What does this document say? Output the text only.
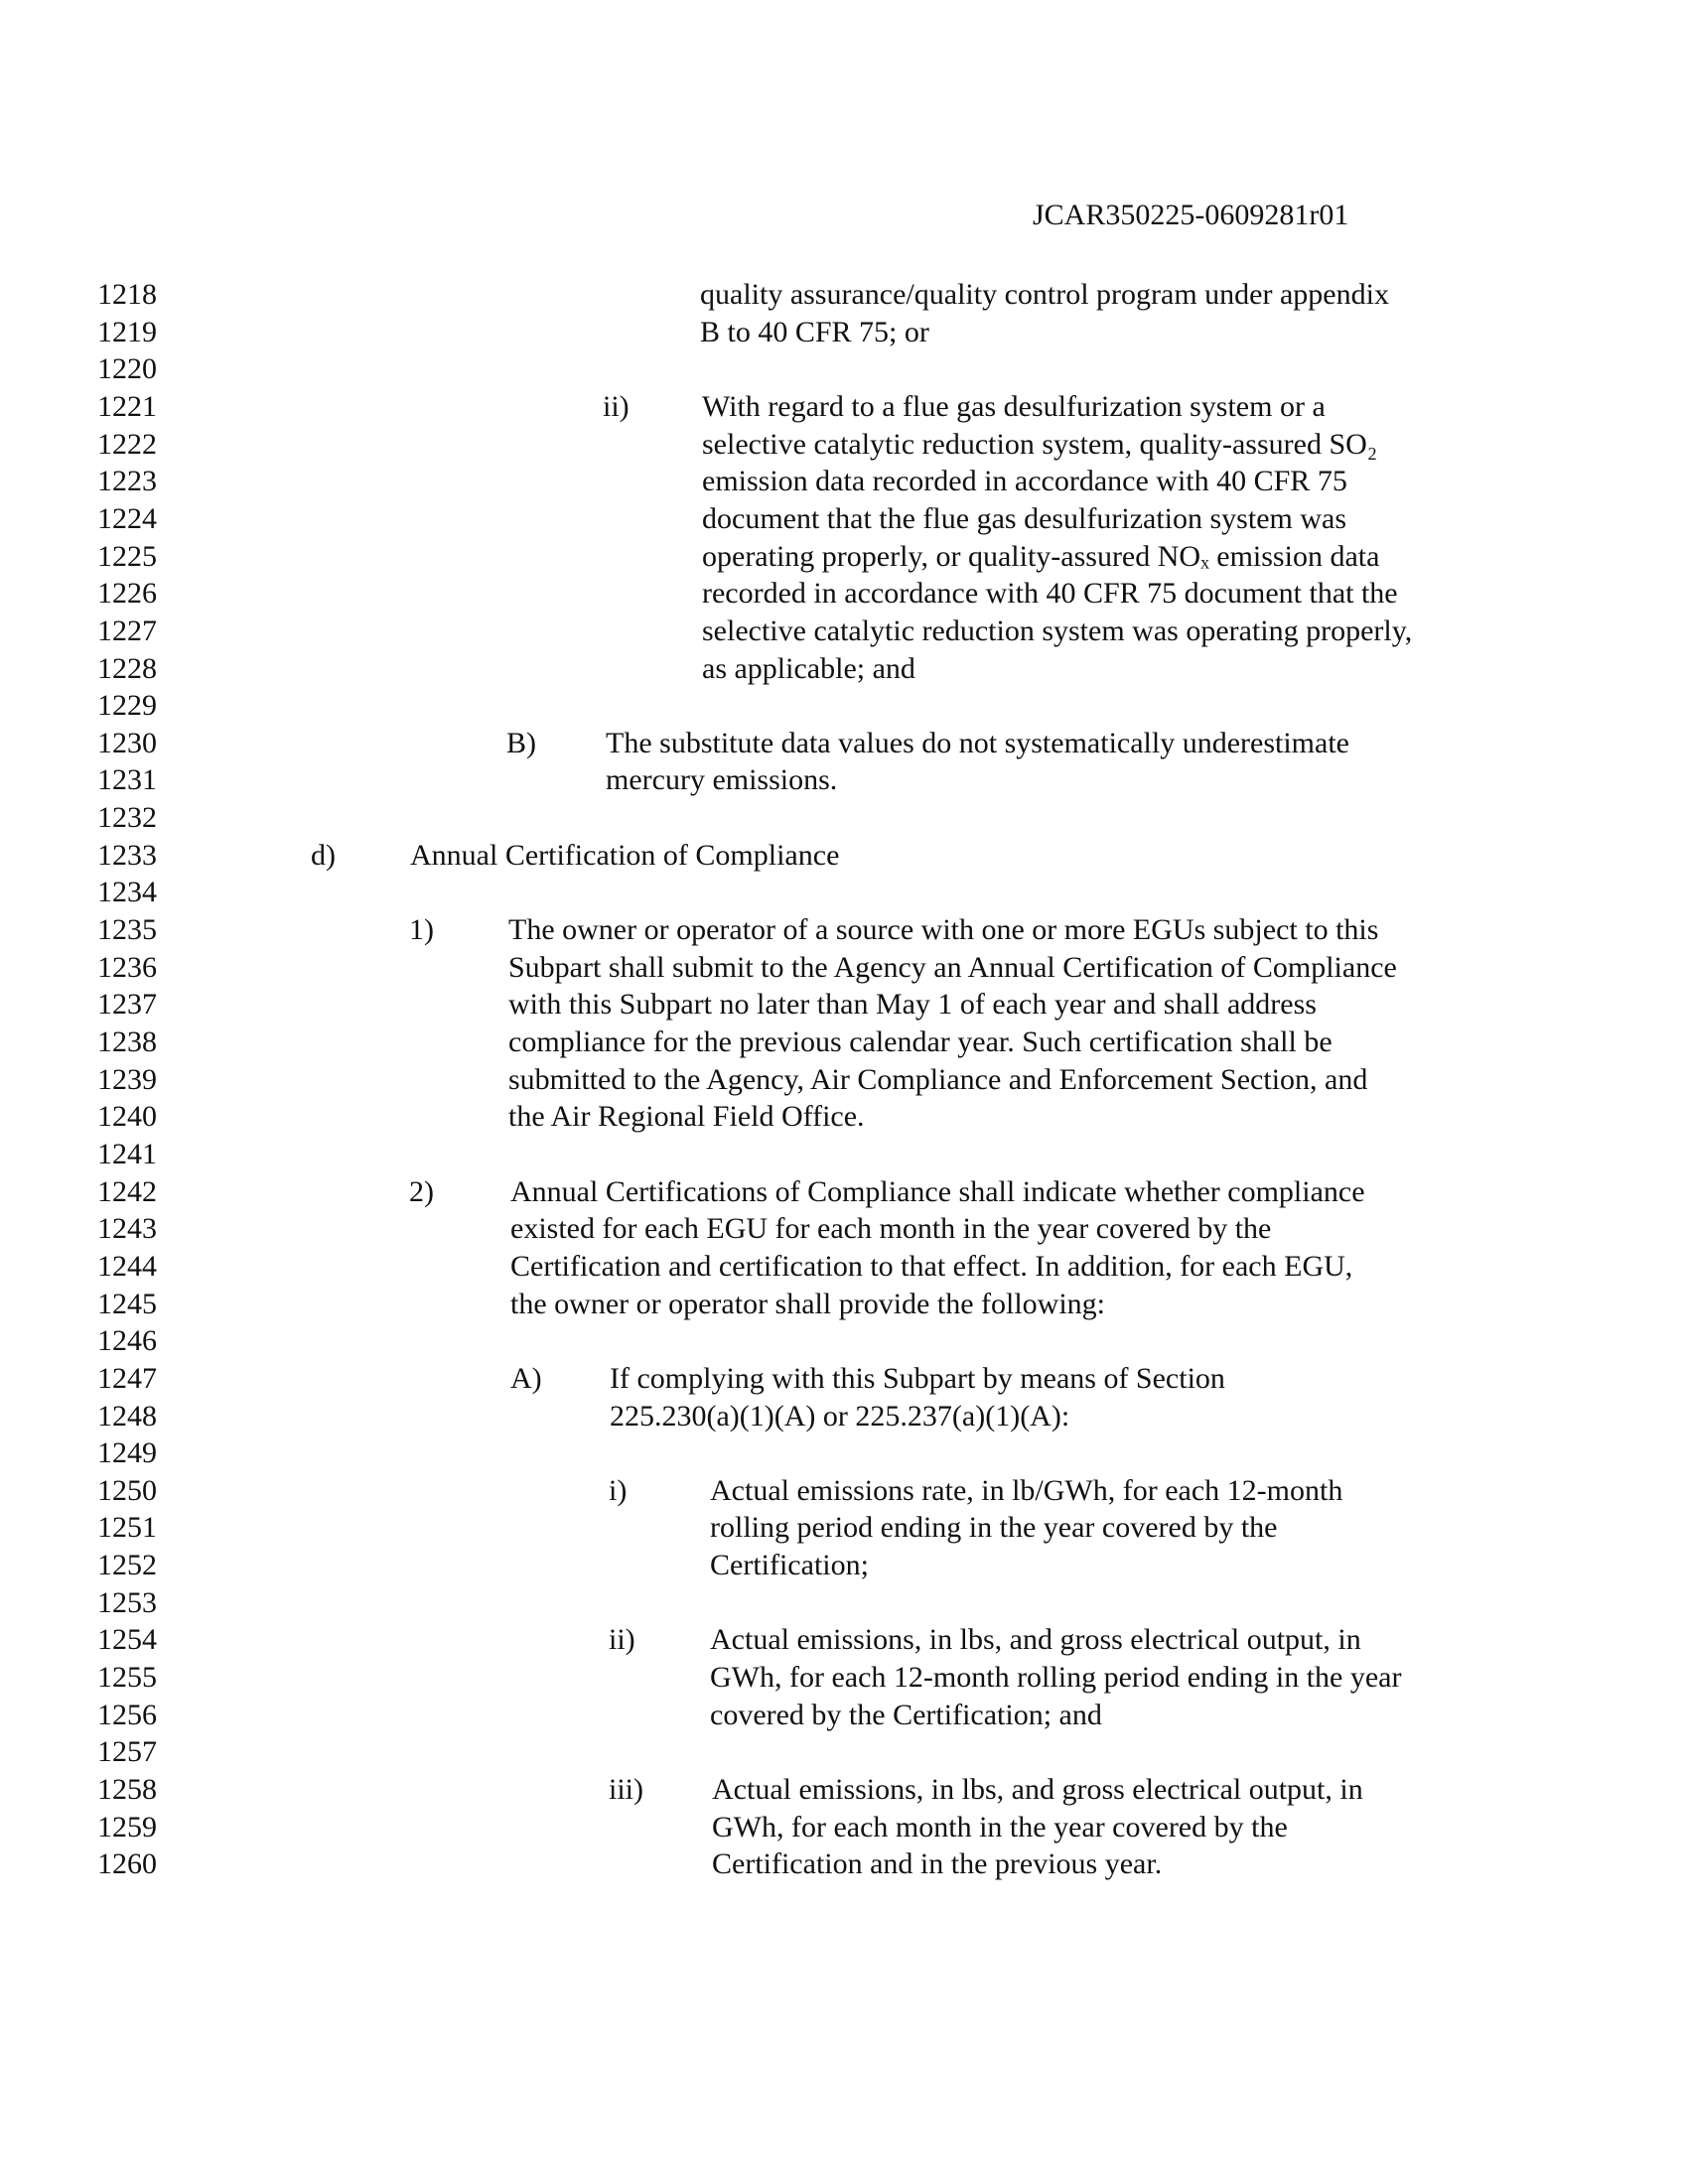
JCAR350225-0609281r01
1218	quality assurance/quality control program under appendix
1219	B to 40 CFR 75; or
1220
1221	ii) With regard to a flue gas desulfurization system or a
1222	selective catalytic reduction system, quality-assured SO₂
1223	emission data recorded in accordance with 40 CFR 75
1224	document that the flue gas desulfurization system was
1225	operating properly, or quality-assured NOₓ emission data
1226	recorded in accordance with 40 CFR 75 document that the
1227	selective catalytic reduction system was operating properly,
1228	as applicable; and
1229
1230	B) The substitute data values do not systematically underestimate
1231	mercury emissions.
1232
1233	d)	Annual Certification of Compliance
1234
1235	1)	The owner or operator of a source with one or more EGUs subject to this
1236	Subpart shall submit to the Agency an Annual Certification of Compliance
1237	with this Subpart no later than May 1 of each year and shall address
1238	compliance for the previous calendar year. Such certification shall be
1239	submitted to the Agency, Air Compliance and Enforcement Section, and
1240	the Air Regional Field Office.
1241
1242	2)	Annual Certifications of Compliance shall indicate whether compliance
1243	existed for each EGU for each month in the year covered by the
1244	Certification and certification to that effect. In addition, for each EGU,
1245	the owner or operator shall provide the following:
1246
1247	A) If complying with this Subpart by means of Section
1248	225.230(a)(1)(A) or 225.237(a)(1)(A):
1249
1250	i)	Actual emissions rate, in lb/GWh, for each 12-month
1251	rolling period ending in the year covered by the
1252	Certification;
1253
1254	ii)	Actual emissions, in lbs, and gross electrical output, in
1255	GWh, for each 12-month rolling period ending in the year
1256	covered by the Certification; and
1257
1258	iii) Actual emissions, in lbs, and gross electrical output, in
1259	GWh, for each month in the year covered by the
1260	Certification and in the previous year.
